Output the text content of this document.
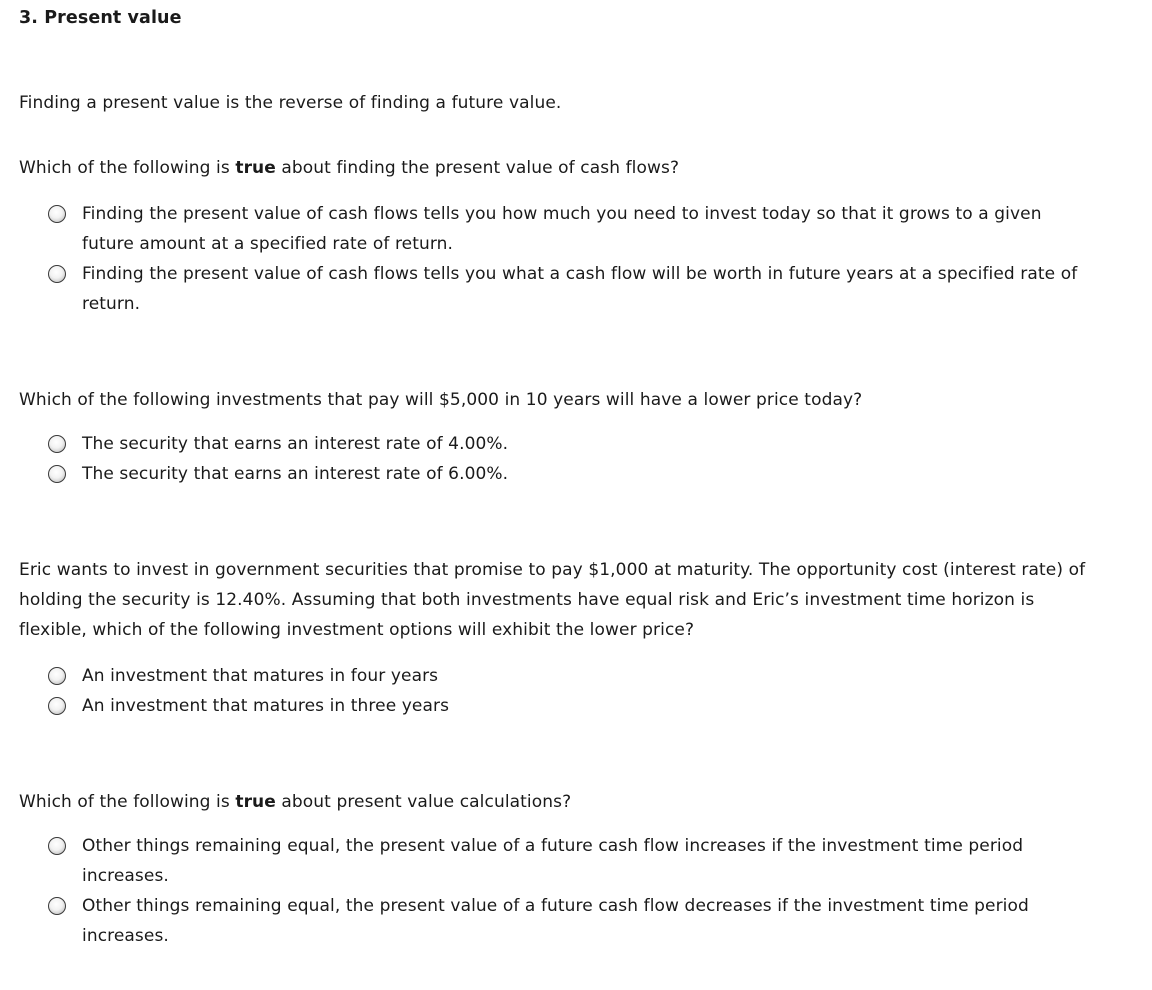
3. Present value
Finding a present value is the reverse of finding a future value.

Which of the following is true about finding the present value of cash flows?

Finding the present value of cash flows tells you how much you need to invest today so that it grows to a given future amount at a specified rate of return.
Finding the present value of cash flows tells you what a cash flow will be worth in future years at a specified rate of return.

Which of the following investments that pay will $5,000 in 10 years will have a lower price today?

The security that earns an interest rate of 4.00%.
The security that earns an interest rate of 6.00%.

Eric wants to invest in government securities that promise to pay $1,000 at maturity. The opportunity cost (interest rate) of holding the security is 12.40%. Assuming that both investments have equal risk and Eric’s investment time horizon is flexible, which of the following investment options will exhibit the lower price?

An investment that matures in four years
An investment that matures in three years

Which of the following is true about present value calculations?

Other things remaining equal, the present value of a future cash flow increases if the investment time period increases.
Other things remaining equal, the present value of a future cash flow decreases if the investment time period increases.
